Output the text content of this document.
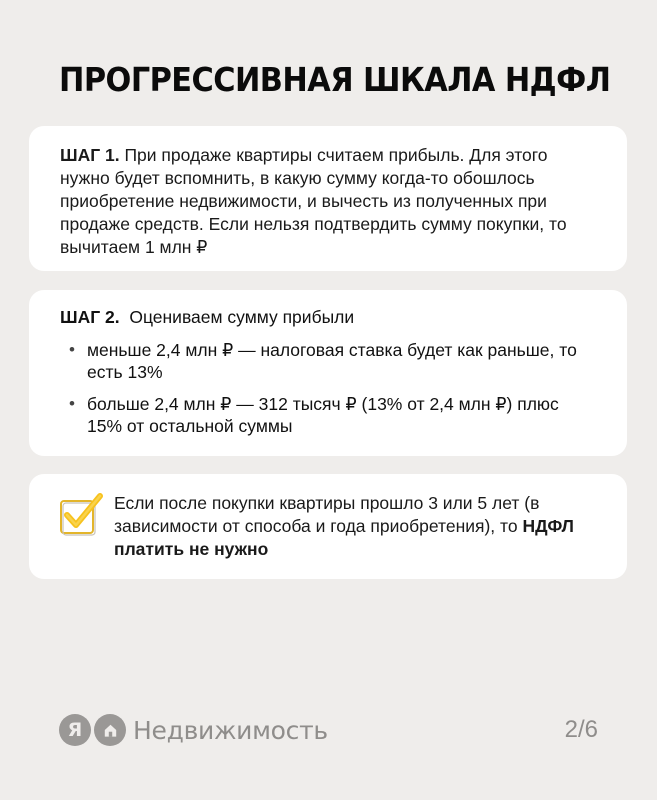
ПРОГРЕССИВНАЯ ШКАЛА НДФЛ
ШАГ 1. При продаже квартиры считаем прибыль. Для этого нужно будет вспомнить, в какую сумму когда-то обошлось приобретение недвижимости, и вычесть из полученных при продаже средств. Если нельзя подтвердить сумму покупки, то вычитаем 1 млн ₽
ШАГ 2.  Оцениваем сумму прибыли
• меньше 2,4 млн ₽ — налоговая ставка будет как раньше, то есть 13%
• больше 2,4 млн ₽ — 312 тысяч ₽ (13% от 2,4 млн ₽) плюс 15% от остальной суммы
Если после покупки квартиры прошло 3 или 5 лет (в зависимости от способа и года приобретения), то НДФЛ платить не нужно
Я Недвижимость	2/6
